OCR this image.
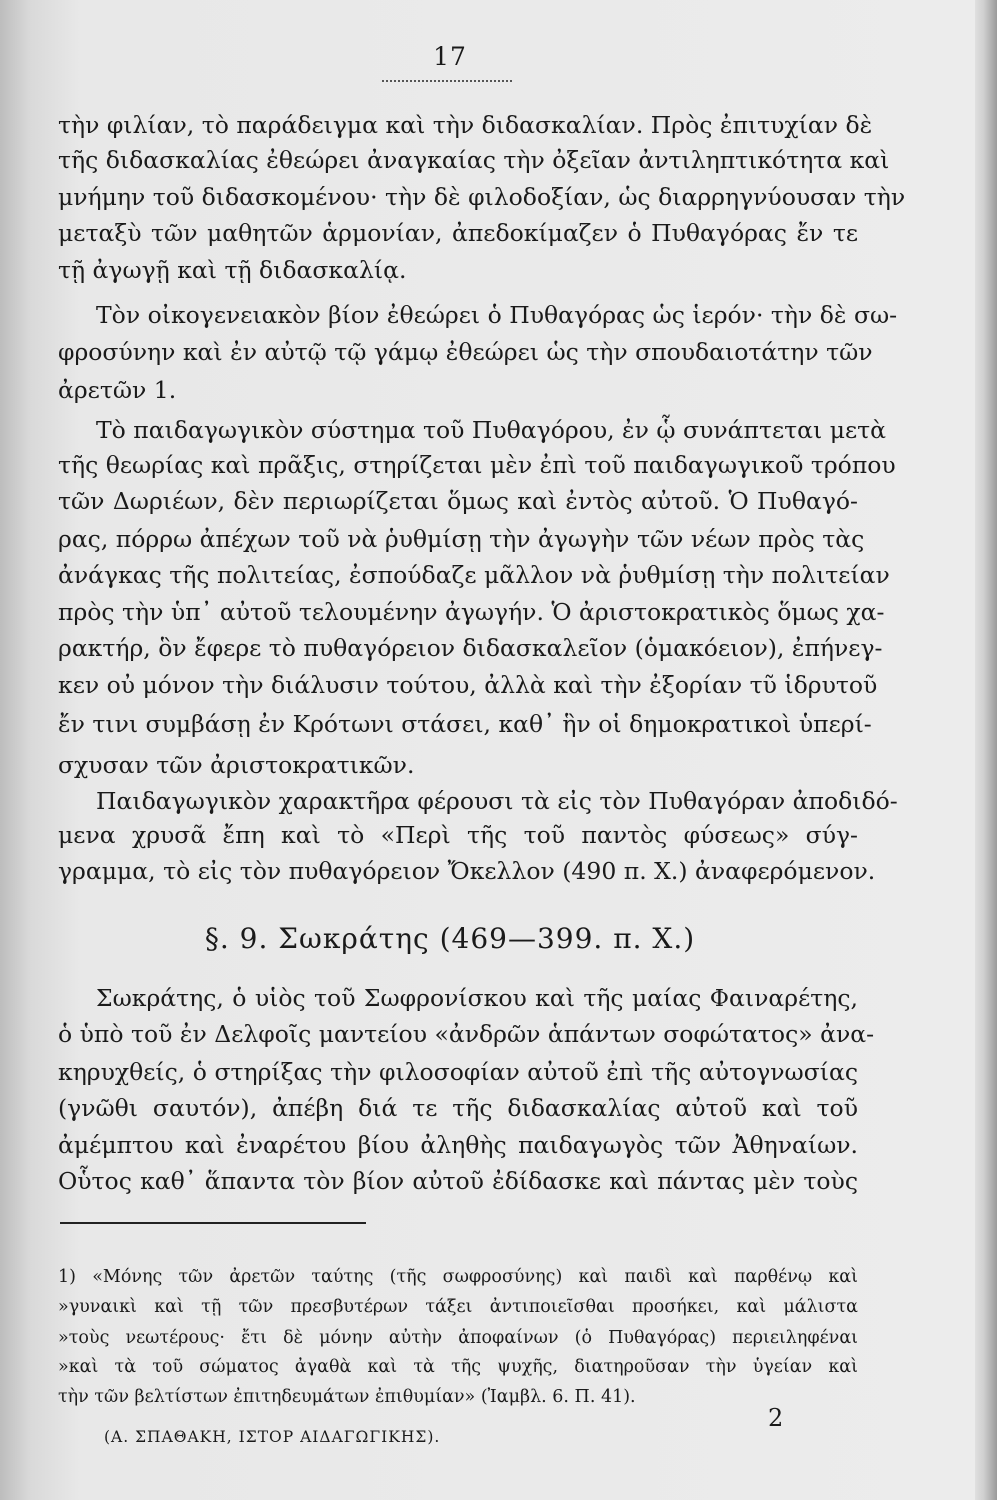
17
τὴν φιλίαν, τὸ παράδειγμα καὶ τὴν διδασκαλίαν. Πρὸς ἐπιτυχίαν δὲ
τῆς διδασκαλίας ἐθεώρει ἀναγκαίας τὴν ὀξεῖαν ἀντιληπτικότητα καὶ
μνήμην τοῦ διδασκομένου· τὴν δὲ φιλοδοξίαν, ὡς διαρρηγνύουσαν τὴν
μεταξὺ τῶν μαθητῶν ἁρμονίαν, ἀπεδοκίμαζεν ὁ Πυθαγόρας ἔν τε
τῇ ἀγωγῇ καὶ τῇ διδασκαλίᾳ.
Τὸν οἰκογενειακὸν βίον ἐθεώρει ὁ Πυθαγόρας ὡς ἱερόν· τὴν δὲ σω-
φροσύνην καὶ ἐν αὐτῷ τῷ γάμῳ ἐθεώρει ὡς τὴν σπουδαιοτάτην τῶν
ἀρετῶν 1.
Τὸ παιδαγωγικὸν σύστημα τοῦ Πυθαγόρου, ἐν ᾧ συνάπτεται μετὰ
τῆς θεωρίας καὶ πρᾶξις, στηρίζεται μὲν ἐπὶ τοῦ παιδαγωγικοῦ τρόπου
τῶν Δωριέων, δὲν περιωρίζεται ὅμως καὶ ἐντὸς αὐτοῦ. Ὁ Πυθαγό-
ρας, πόρρω ἀπέχων τοῦ νὰ ῥυθμίσῃ τὴν ἀγωγὴν τῶν νέων πρὸς τὰς
ἀνάγκας τῆς πολιτείας, ἐσπούδαζε μᾶλλον νὰ ῥυθμίσῃ τὴν πολιτείαν
πρὸς τὴν ὑπ᾽ αὐτοῦ τελουμένην ἀγωγήν. Ὁ ἀριστοκρατικὸς ὅμως χα-
ρακτήρ, ὃν ἔφερε τὸ πυθαγόρειον διδασκαλεῖον (ὁμακόειον), ἐπήνεγ-
κεν οὐ μόνον τὴν διάλυσιν τούτου, ἀλλὰ καὶ τὴν ἐξορίαν τῦ ἱδρυτοῦ
ἔν τινι συμβάσῃ ἐν Κρότωνι στάσει, καθ᾽ ἣν οἱ δημοκρατικοὶ ὑπερί-
σχυσαν τῶν ἀριστοκρατικῶν.
Παιδαγωγικὸν χαρακτῆρα φέρουσι τὰ εἰς τὸν Πυθαγόραν ἀποδιδό-
μενα χρυσᾶ ἔπη καὶ τὸ «Περὶ τῆς τοῦ παντὸς φύσεως» σύγ-
γραμμα, τὸ εἰς τὸν πυθαγόρειον Ὄκελλον (490 π. Χ.) ἀναφερόμενον.
§. 9. Σωκράτης (469—399. π. Χ.)
Σωκράτης, ὁ υἱὸς τοῦ Σωφρονίσκου καὶ τῆς μαίας Φαιναρέτης,
ὁ ὑπὸ τοῦ ἐν Δελφοῖς μαντείου «ἀνδρῶν ἁπάντων σοφώτατος» ἀνα-
κηρυχθείς, ὁ στηρίξας τὴν φιλοσοφίαν αὐτοῦ ἐπὶ τῆς αὐτογνωσίας
(γνῶθι σαυτόν), ἀπέβη διά τε τῆς διδασκαλίας αὐτοῦ καὶ τοῦ
ἀμέμπτου καὶ ἐναρέτου βίου ἀληθὴς παιδαγωγὸς τῶν Ἀθηναίων.
Οὗτος καθ᾽ ἅπαντα τὸν βίον αὐτοῦ ἐδίδασκε καὶ πάντας μὲν τοὺς
1) «Μόνης τῶν ἀρετῶν ταύτης (τῆς σωφροσύνης) καὶ παιδὶ καὶ παρθένῳ καὶ
»γυναικὶ καὶ τῇ τῶν πρεσβυτέρων τάξει ἀντιποιεῖσθαι προσήκει, καὶ μάλιστα
»τοὺς νεωτέρους· ἔτι δὲ μόνην αὐτὴν ἀποφαίνων (ὁ Πυθαγόρας) περιειληφέναι
»καὶ τὰ τοῦ σώματος ἀγαθὰ καὶ τὰ τῆς ψυχῆς, διατηροῦσαν τὴν ὑγείαν καὶ
τὴν τῶν βελτίστων ἐπιτηδευμάτων ἐπιθυμίαν» (Ἰαμβλ. 6. Π. 41).
2
(Α. ΣΠΑΘΑΚΗ, ΙΣΤΟΡ ΑΙΔΑΓΩΓΙΚΗΣ).
